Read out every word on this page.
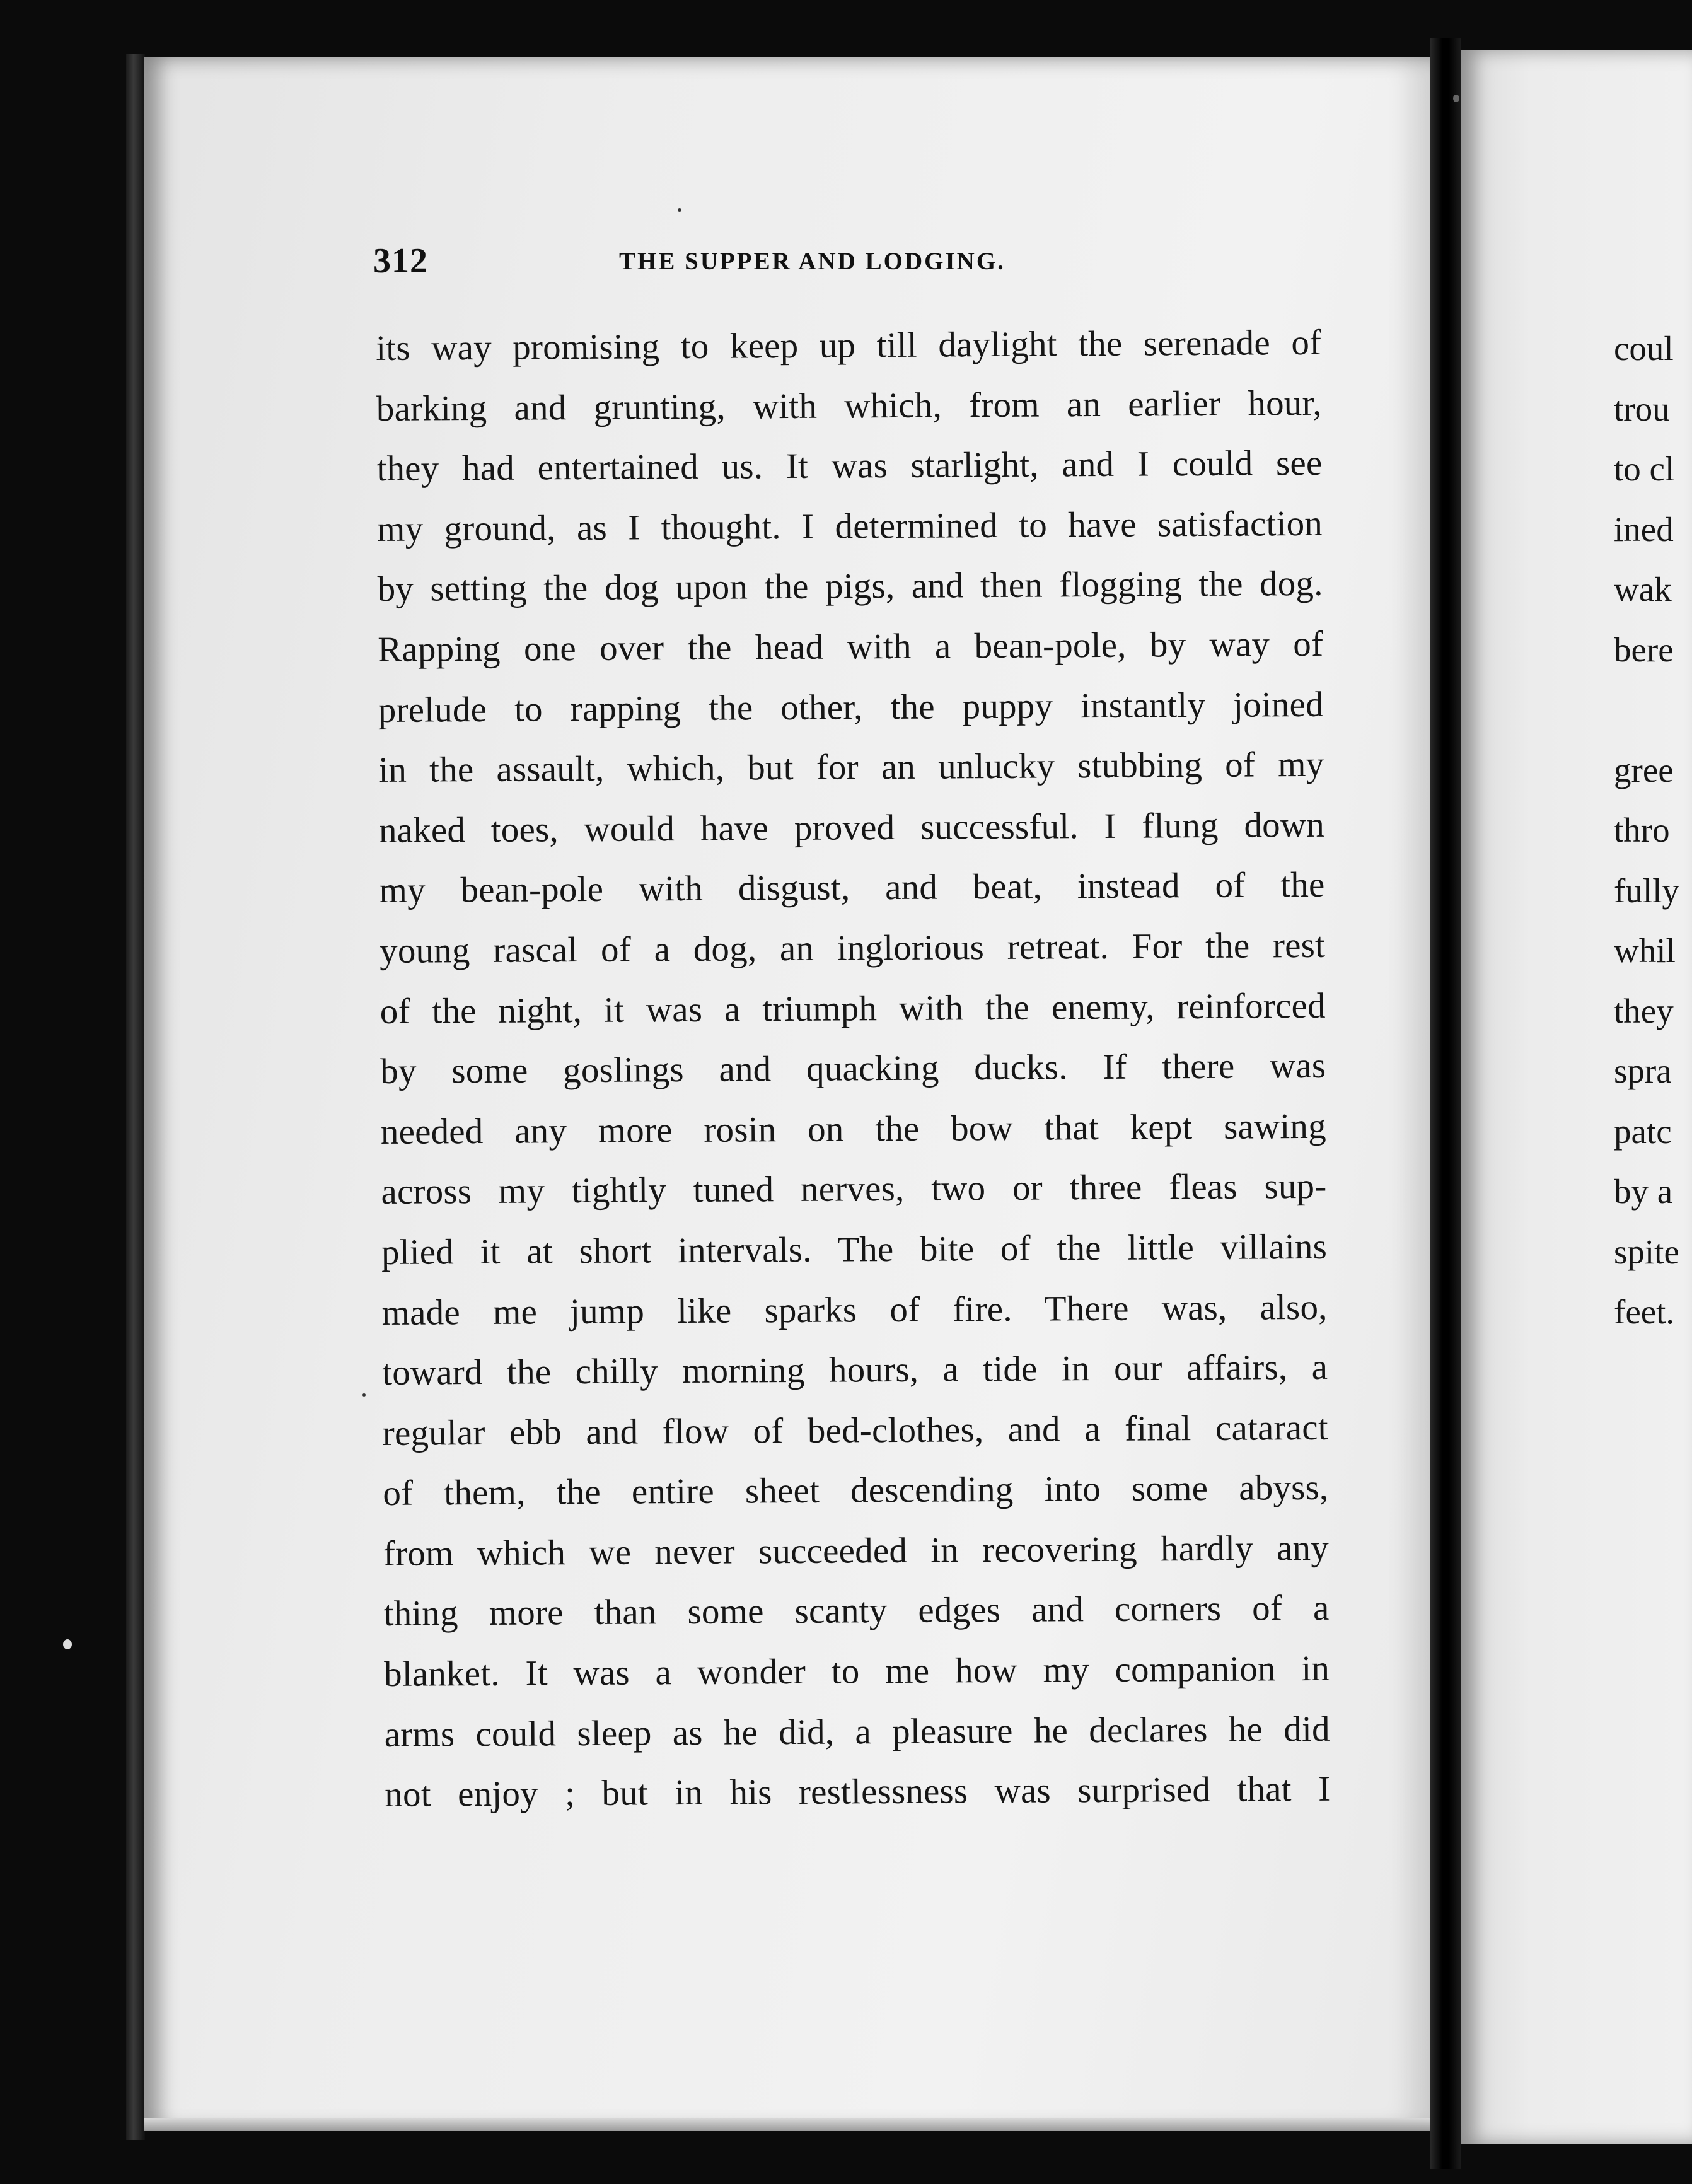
312	THE SUPPER AND LODGING.
its way promising to keep up till daylight the serenade of
barking and grunting, with which, from an earlier hour,
they had entertained us. It was starlight, and I could see
my ground, as I thought. I determined to have satisfaction
by setting the dog upon the pigs, and then flogging the dog.
Rapping one over the head with a bean-pole, by way of
prelude to rapping the other, the puppy instantly joined
in the assault, which, but for an unlucky stubbing of my
naked toes, would have proved successful. I flung down
my bean-pole with disgust, and beat, instead of the
young rascal of a dog, an inglorious retreat. For the rest
of the night, it was a triumph with the enemy, reinforced
by some goslings and quacking ducks. If there was
needed any more rosin on the bow that kept sawing
across my tightly tuned nerves, two or three fleas sup-
plied it at short intervals. The bite of the little villains
made me jump like sparks of fire. There was, also,
toward the chilly morning hours, a tide in our affairs, a
regular ebb and flow of bed-clothes, and a final cataract
of them, the entire sheet descending into some abyss,
from which we never succeeded in recovering hardly any
thing more than some scanty edges and corners of a
blanket. It was a wonder to me how my companion in
arms could sleep as he did, a pleasure he declares he did
not enjoy ; but in his restlessness was surprised that I
coul
trou
to cl
ined
wak
bere
gree
thro
fully
whil
they
spra
patc
by a
spite
feet.
